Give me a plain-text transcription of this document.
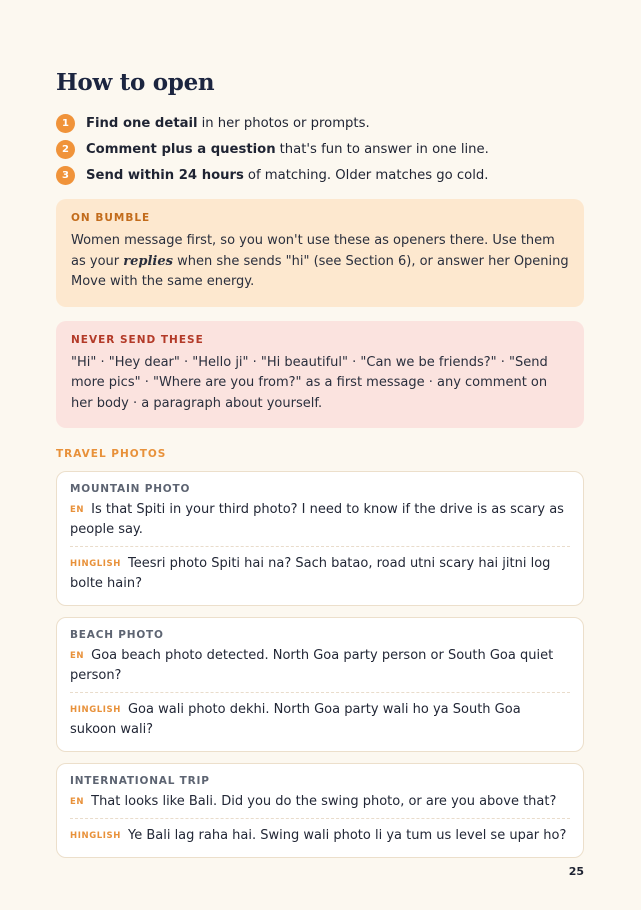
How to open
1	Find one detail in her photos or prompts.
2	Comment plus a question that's fun to answer in one line.
3	Send within 24 hours of matching. Older matches go cold.
ON BUMBLE
Women message first, so you won't use these as openers there. Use them as your replies when she sends "hi" (see Section 6), or answer her Opening Move with the same energy.
NEVER SEND THESE
"Hi" · "Hey dear" · "Hello ji" · "Hi beautiful" · "Can we be friends?" · "Send more pics" · "Where are you from?" as a first message · any comment on her body · a paragraph about yourself.
TRAVEL PHOTOS
MOUNTAIN PHOTO
EN Is that Spiti in your third photo? I need to know if the drive is as scary as people say.
HINGLISH Teesri photo Spiti hai na? Sach batao, road utni scary hai jitni log bolte hain?
BEACH PHOTO
EN Goa beach photo detected. North Goa party person or South Goa quiet person?
HINGLISH Goa wali photo dekhi. North Goa party wali ho ya South Goa sukoon wali?
INTERNATIONAL TRIP
EN That looks like Bali. Did you do the swing photo, or are you above that?
HINGLISH Ye Bali lag raha hai. Swing wali photo li ya tum us level se upar ho?
25
